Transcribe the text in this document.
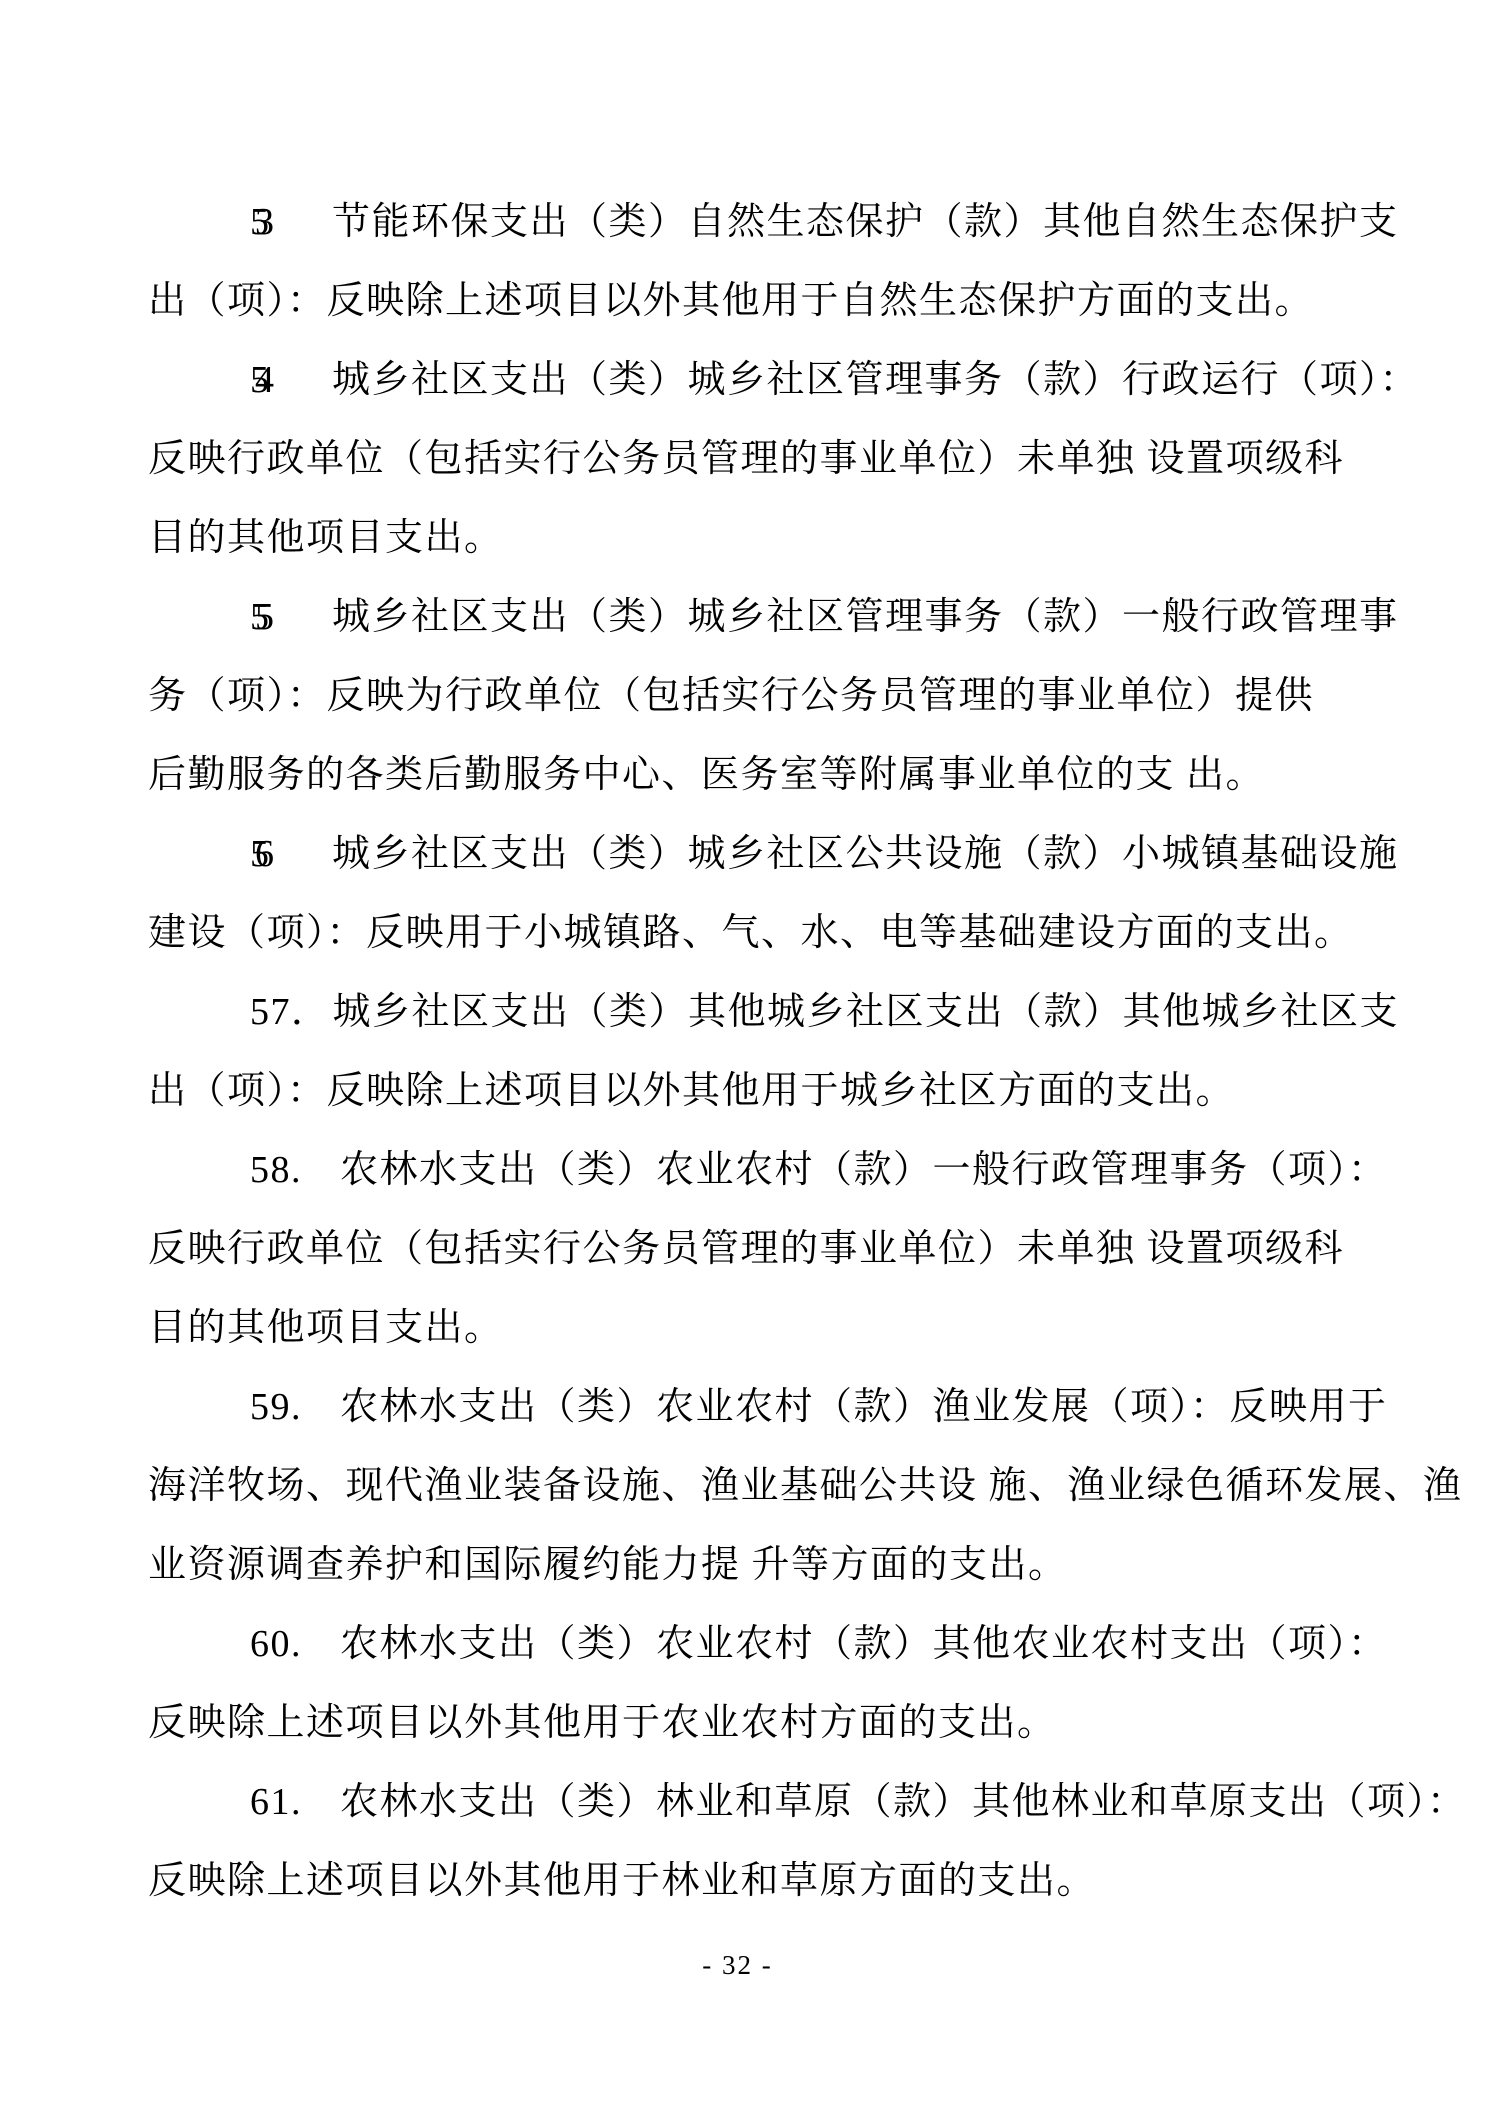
53 节能环保支出（类）自然生态保护（款）其他自然生态保护支
出（项）：反映除上述项目以外其他用于自然生态保护方面的支出。
54 城乡社区支出（类）城乡社区管理事务（款）行政运行（项）：
反映行政单位（包括实行公务员管理的事业单位）未单独 设置项级科
目的其他项目支出。
55 城乡社区支出（类）城乡社区管理事务（款）一般行政管理事
务（项）：反映为行政单位（包括实行公务员管理的事业单位）提供
后勤服务的各类后勤服务中心、医务室等附属事业单位的支 出。
56 城乡社区支出（类）城乡社区公共设施（款）小城镇基础设施
建设（项）：反映用于小城镇路、气、水、电等基础建设方面的支出。
57．城乡社区支出（类）其他城乡社区支出（款）其他城乡社区支
出（项）：反映除上述项目以外其他用于城乡社区方面的支出。
58. 农林水支出（类）农业农村（款）一般行政管理事务（项）：
反映行政单位（包括实行公务员管理的事业单位）未单独 设置项级科
目的其他项目支出。
59. 农林水支出（类）农业农村（款）渔业发展（项）：反映用于
海洋牧场、现代渔业装备设施、渔业基础公共设 施、渔业绿色循环发展、渔
业资源调查养护和国际履约能力提 升等方面的支出。
60. 农林水支出（类）农业农村（款）其他农业农村支出（项）：
反映除上述项目以外其他用于农业农村方面的支出。
61. 农林水支出（类）林业和草原（款）其他林业和草原支出（项）：
反映除上述项目以外其他用于林业和草原方面的支出。
- 32 -
